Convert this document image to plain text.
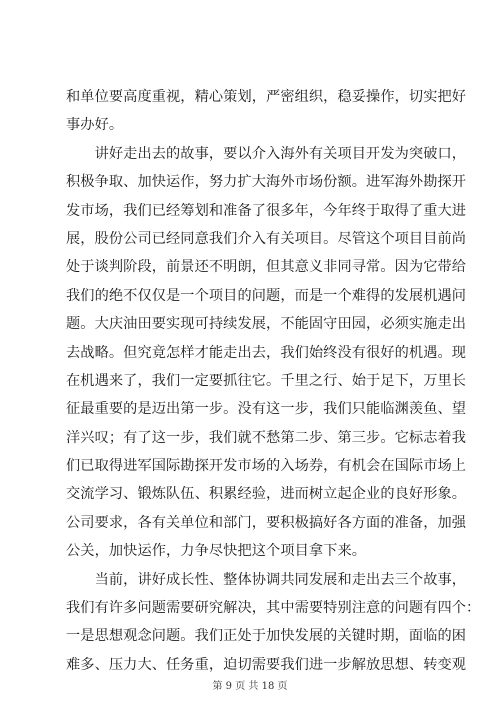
和单位要高度重视，精心策划，严密组织，稳妥操作，切实把好
事办好。
　　讲好走出去的故事，要以介入海外有关项目开发为突破口，
积极争取、加快运作，努力扩大海外市场份额。进军海外勘探开
发市场，我们已经筹划和准备了很多年，今年终于取得了重大进
展，股份公司已经同意我们介入有关项目。尽管这个项目目前尚
处于谈判阶段，前景还不明朗，但其意义非同寻常。因为它带给
我们的绝不仅仅是一个项目的问题，而是一个难得的发展机遇问
题。大庆油田要实现可持续发展，不能固守田园，必须实施走出
去战略。但究竟怎样才能走出去，我们始终没有很好的机遇。现
在机遇来了，我们一定要抓往它。千里之行、始于足下，万里长
征最重要的是迈出第一步。没有这一步，我们只能临渊羡鱼、望
洋兴叹；有了这一步，我们就不愁第二步、第三步。它标志着我
们已取得进军国际勘探开发市场的入场券，有机会在国际市场上
交流学习、锻炼队伍、积累经验，进而树立起企业的良好形象。
公司要求，各有关单位和部门，要积极搞好各方面的准备，加强
公关，加快运作，力争尽快把这个项目拿下来。
　　当前，讲好成长性、整体协调共同发展和走出去三个故事，
我们有许多问题需要研究解决，其中需要特别注意的问题有四个：
一是思想观念问题。我们正处于加快发展的关键时期，面临的困
难多、压力大、任务重，迫切需要我们进一步解放思想、转变观
第 9 页 共 18 页
